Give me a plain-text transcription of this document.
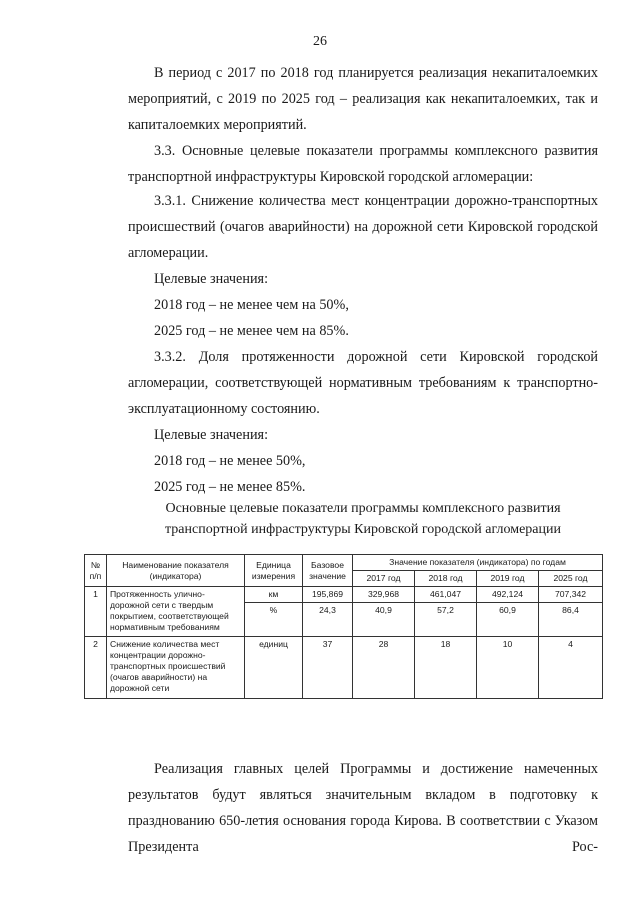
26

В период с 2017 по 2018 год планируется реализация некапиталоемких мероприятий, с 2019 по 2025 год – реализация как некапиталоемких, так и капиталоемких мероприятий.

3.3. Основные целевые показатели программы комплексного развития транспортной инфраструктуры Кировской городской агломерации:

3.3.1. Снижение количества мест концентрации дорожно-транспортных происшествий (очагов аварийности) на дорожной сети Кировской городской агломерации.

Целевые значения:

2018 год – не менее чем на 50%,

2025 год – не менее чем на 85%.

3.3.2. Доля протяженности дорожной сети Кировской городской агломерации, соответствующей нормативным требованиям к транспортно-эксплуатационному состоянию.

Целевые значения:

2018 год – не менее 50%,

2025 год – не менее 85%.

Основные целевые показатели программы комплексного развития транспортной инфраструктуры Кировской городской агломерации
№ п/п	Наименование показателя (индикатора)	Единица измерения	Базовое значение	Значение показателя (индикатора) по годам			
				2017 год	2018 год	2019 год	2025 год
1	Протяженность улично-дорожной сети с твердым покрытием, соответствующей нормативным требованиям	км	195,869	329,968	461,047	492,124	707,342
		%	24,3	40,9	57,2	60,9	86,4
2	Снижение количества мест концентрации дорожно-транспортных происшествий (очагов аварийности) на дорожной сети	единиц	37	28	18	10	4

Реализация главных целей Программы и достижение намеченных результатов будут являться значительным вкладом в подготовку к празднованию 650-летия основания города Кирова. В соответствии с Указом Президента Рос-
